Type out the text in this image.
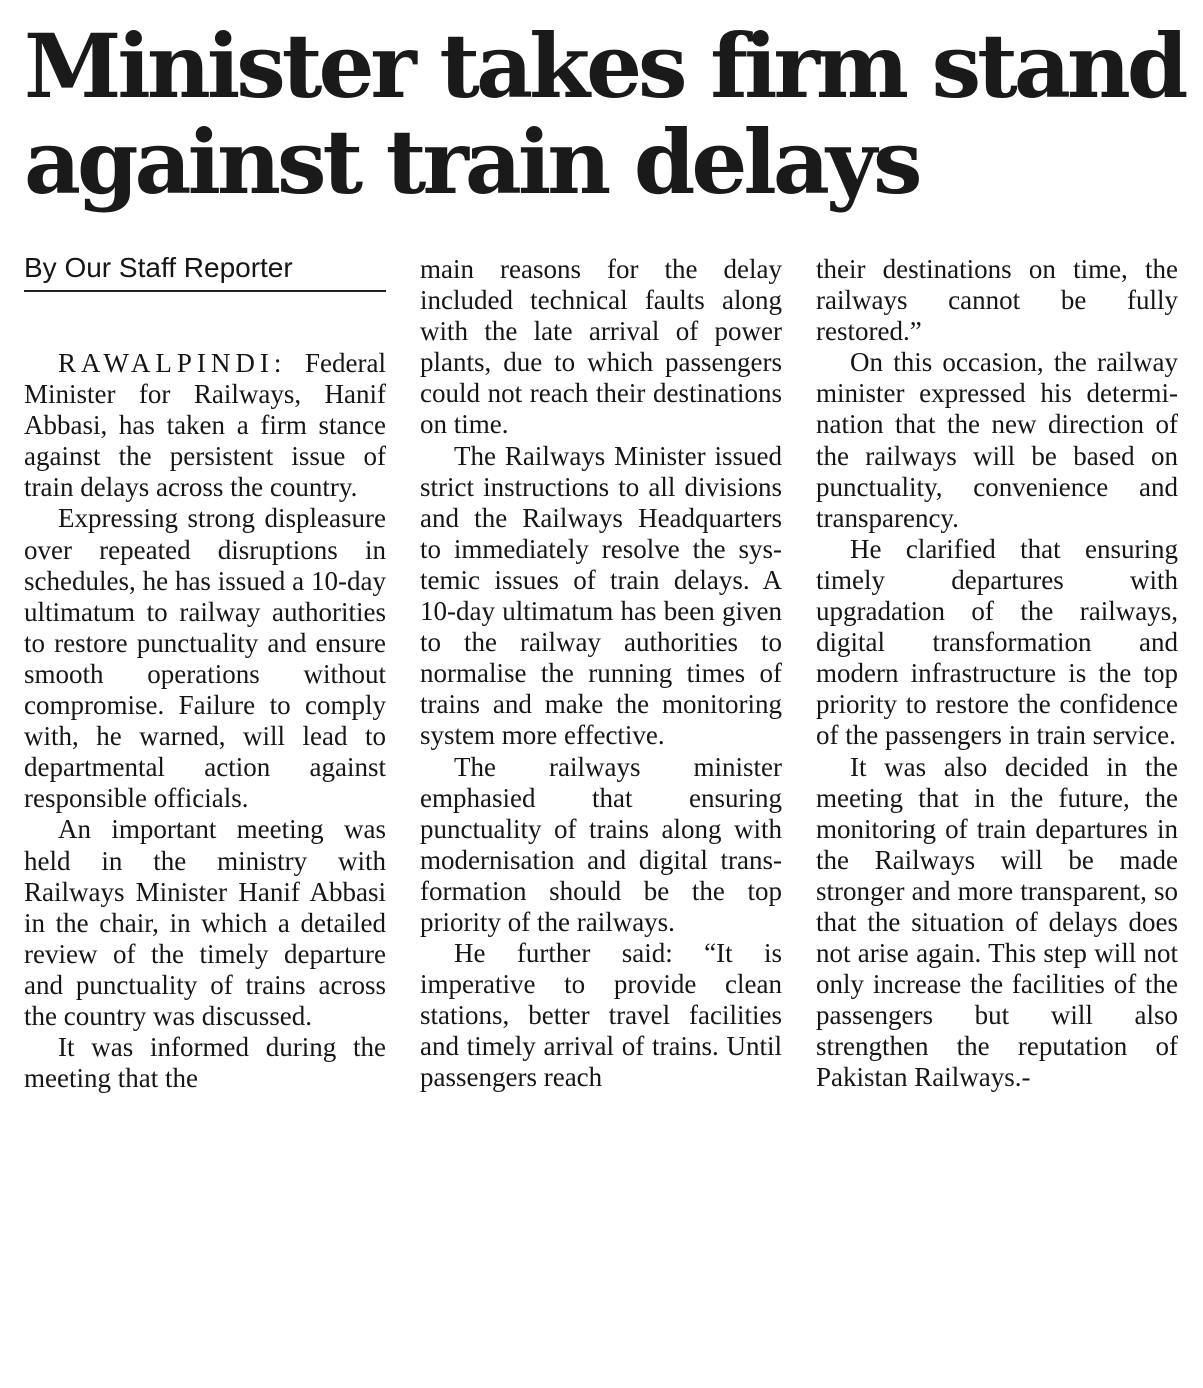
Minister takes firm stand
against train delays
By Our Staff Reporter

RAWALPINDI: Federal Minister for Railways, Hanif Abbasi, has taken a firm stance against the persistent issue of train delays across the country.

Expressing strong displeasure over repeated disruptions in schedules, he has issued a 10-day ultimatum to railway authorities to restore punctuality and ensure smooth operations without compromise. Failure to comply with, he warned, will lead to departmental action against responsible officials.

An important meeting was held in the ministry with Railways Minister Hanif Abbasi in the chair, in which a detailed review of the timely departure and punctuality of trains across the country was discussed.

It was informed during the meeting that the

main reasons for the delay included technical faults along with the late arrival of power plants, due to which passengers could not reach their destinations on time.

The Railways Minister issued strict instructions to all divisions and the Railways Headquarters to immediately resolve the systemic issues of train delays. A 10-day ultimatum has been given to the railway authorities to normalise the running times of trains and make the monitoring system more effective.

The railways minister emphasied that ensuring punctuality of trains along with modernisation and digital transformation should be the top priority of the railways.

He further said: “It is imperative to provide clean stations, better travel facilities and timely arrival of trains. Until passengers reach

their destinations on time, the railways cannot be fully restored.”

On this occasion, the railway minister expressed his determination that the new direction of the railways will be based on punctuality, convenience and transparency.

He clarified that ensuring timely departures with upgradation of the railways, digital transformation and modern infrastructure is the top priority to restore the confidence of the passengers in train service.

It was also decided in the meeting that in the future, the monitoring of train departures in the Railways will be made stronger and more transparent, so that the situation of delays does not arise again. This step will not only increase the facilities of the passengers but will also strengthen the reputation of Pakistan Railways.-
